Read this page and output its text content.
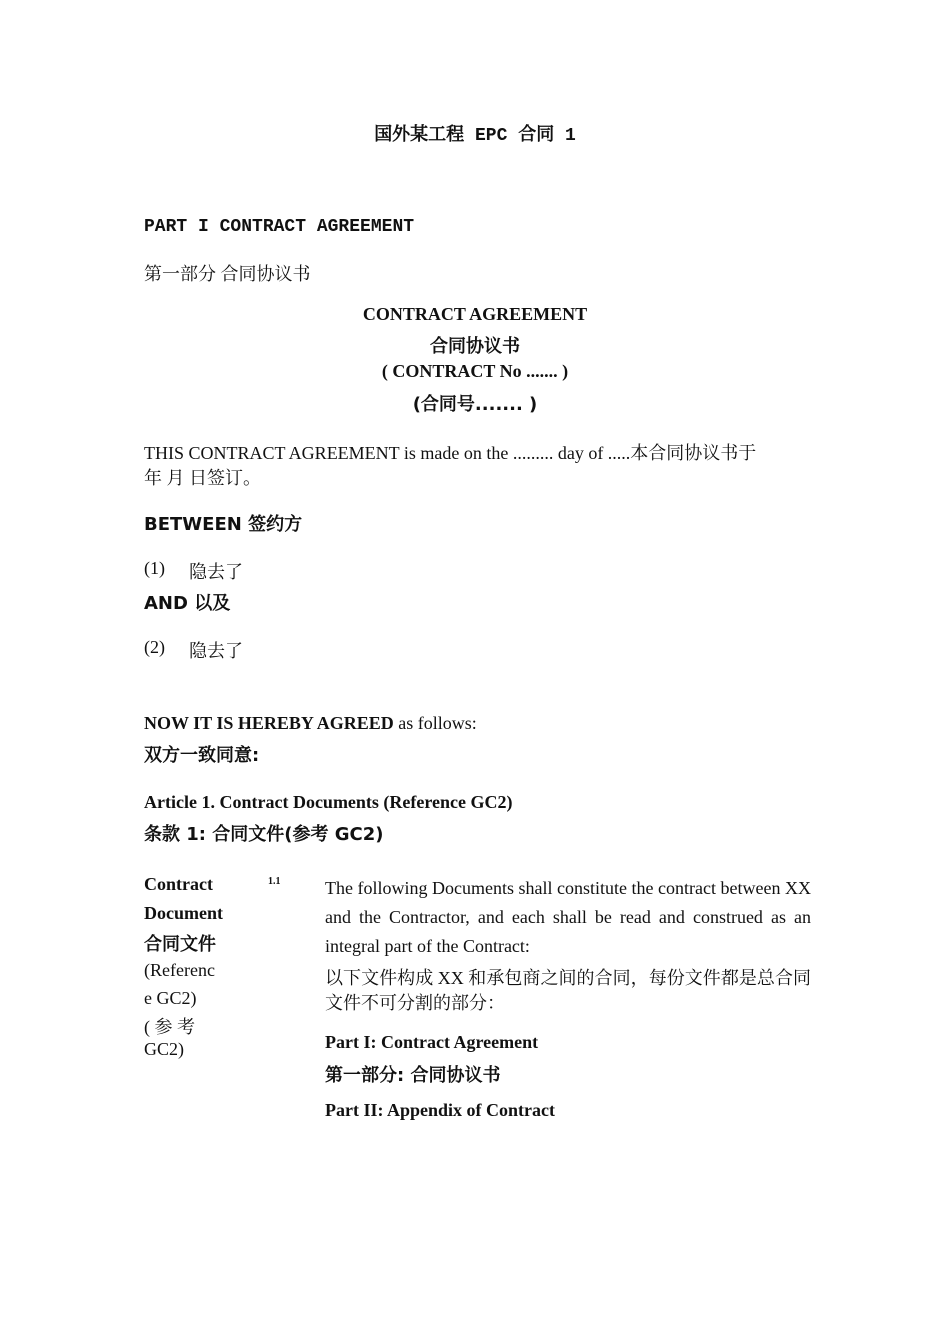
国外某工程 EPC 合同 1
PART I CONTRACT AGREEMENT
第一部分 合同协议书
CONTRACT AGREEMENT
合同协议书
( CONTRACT No ....... )
(合同号....... )
THIS CONTRACT AGREEMENT is made on the ......... day of .....本合同协议书于
年 月 日签订。
BETWEEN 签约方
(1) 隐去了
AND 以及
(2) 隐去了
NOW IT IS HEREBY AGREED as follows:
双方一致同意:
Article 1. Contract Documents (Reference GC2)
条款 1: 合同文件(参考 GC2)
Contract
Document
合同文件
(Referenc
e GC2)
( 参 考
GC2)
1.1 The following Documents shall constitute the contract between XX and the Contractor, and each shall be read and construed as an integral part of the Contract:
以下文件构成 XX 和承包商之间的合同，每份文件都是总合同文件不可分割的部分：
Part I: Contract Agreement
第一部分: 合同协议书
Part II: Appendix of Contract
